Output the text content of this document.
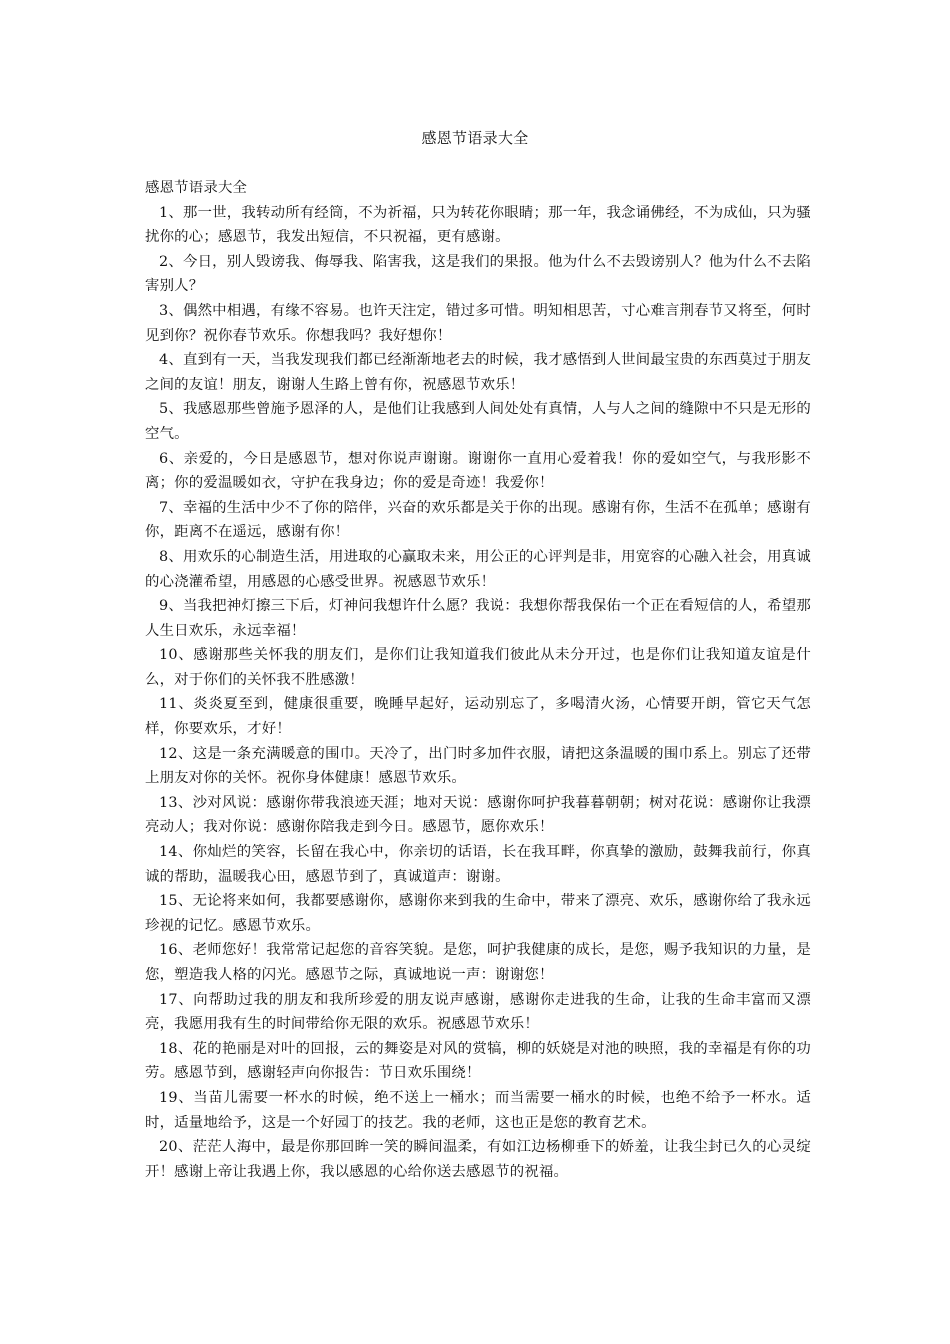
感恩节语录大全

感恩节语录大全

1、那一世，我转动所有经筒，不为祈福，只为转花你眼睛；那一年，我念诵佛经，不为成仙，只为骚扰你的心；感恩节，我发出短信，不只祝福，更有感谢。

2、今日，别人毁谤我、侮辱我、陷害我，这是我们的果报。他为什么不去毁谤别人？他为什么不去陷害别人？

3、偶然中相遇，有缘不容易。也许天注定，错过多可惜。明知相思苦，寸心难言荆春节又将至，何时见到你？祝你春节欢乐。你想我吗？我好想你！

4、直到有一天，当我发现我们都已经渐渐地老去的时候，我才感悟到人世间最宝贵的东西莫过于朋友之间的友谊！朋友，谢谢人生路上曾有你，祝感恩节欢乐！

5、我感恩那些曾施予恩泽的人，是他们让我感到人间处处有真情，人与人之间的缝隙中不只是无形的空气。

6、亲爱的，今日是感恩节，想对你说声谢谢。谢谢你一直用心爱着我！你的爱如空气，与我形影不离；你的爱温暖如衣，守护在我身边；你的爱是奇迹！我爱你！

7、幸福的生活中少不了你的陪伴，兴奋的欢乐都是关于你的出现。感谢有你，生活不在孤单；感谢有你，距离不在遥远，感谢有你！

8、用欢乐的心制造生活，用进取的心赢取未来，用公正的心评判是非，用宽容的心融入社会，用真诚的心浇灌希望，用感恩的心感受世界。祝感恩节欢乐！

9、当我把神灯擦三下后，灯神问我想许什么愿？我说：我想你帮我保佑一个正在看短信的人，希望那人生日欢乐，永远幸福！

10、感谢那些关怀我的朋友们，是你们让我知道我们彼此从未分开过，也是你们让我知道友谊是什么，对于你们的关怀我不胜感激！

11、炎炎夏至到，健康很重要，晚睡早起好，运动别忘了，多喝清火汤，心情要开朗，管它天气怎样，你要欢乐，才好！

12、这是一条充满暖意的围巾。天冷了，出门时多加件衣服，请把这条温暖的围巾系上。别忘了还带上朋友对你的关怀。祝你身体健康！感恩节欢乐。

13、沙对风说：感谢你带我浪迹天涯；地对天说：感谢你呵护我暮暮朝朝；树对花说：感谢你让我漂亮动人；我对你说：感谢你陪我走到今日。感恩节，愿你欢乐！

14、你灿烂的笑容，长留在我心中，你亲切的话语，长在我耳畔，你真挚的激励，鼓舞我前行，你真诚的帮助，温暖我心田，感恩节到了，真诚道声：谢谢。

15、无论将来如何，我都要感谢你，感谢你来到我的生命中，带来了漂亮、欢乐，感谢你给了我永远珍视的记忆。感恩节欢乐。

16、老师您好！我常常记起您的音容笑貌。是您，呵护我健康的成长，是您，赐予我知识的力量，是您，塑造我人格的闪光。感恩节之际，真诚地说一声：谢谢您！

17、向帮助过我的朋友和我所珍爱的朋友说声感谢，感谢你走进我的生命，让我的生命丰富而又漂亮，我愿用我有生的时间带给你无限的欢乐。祝感恩节欢乐！

18、花的艳丽是对叶的回报，云的舞姿是对风的赏犒，柳的妖娆是对池的映照，我的幸福是有你的功劳。感恩节到，感谢轻声向你报告：节日欢乐围绕！

19、当苗儿需要一杯水的时候，绝不送上一桶水；而当需要一桶水的时候，也绝不给予一杯水。适时，适量地给予，这是一个好园丁的技艺。我的老师，这也正是您的教育艺术。

20、茫茫人海中，最是你那回眸一笑的瞬间温柔，有如江边杨柳垂下的娇羞，让我尘封已久的心灵绽开！感谢上帝让我遇上你，我以感恩的心给你送去感恩节的祝福。
